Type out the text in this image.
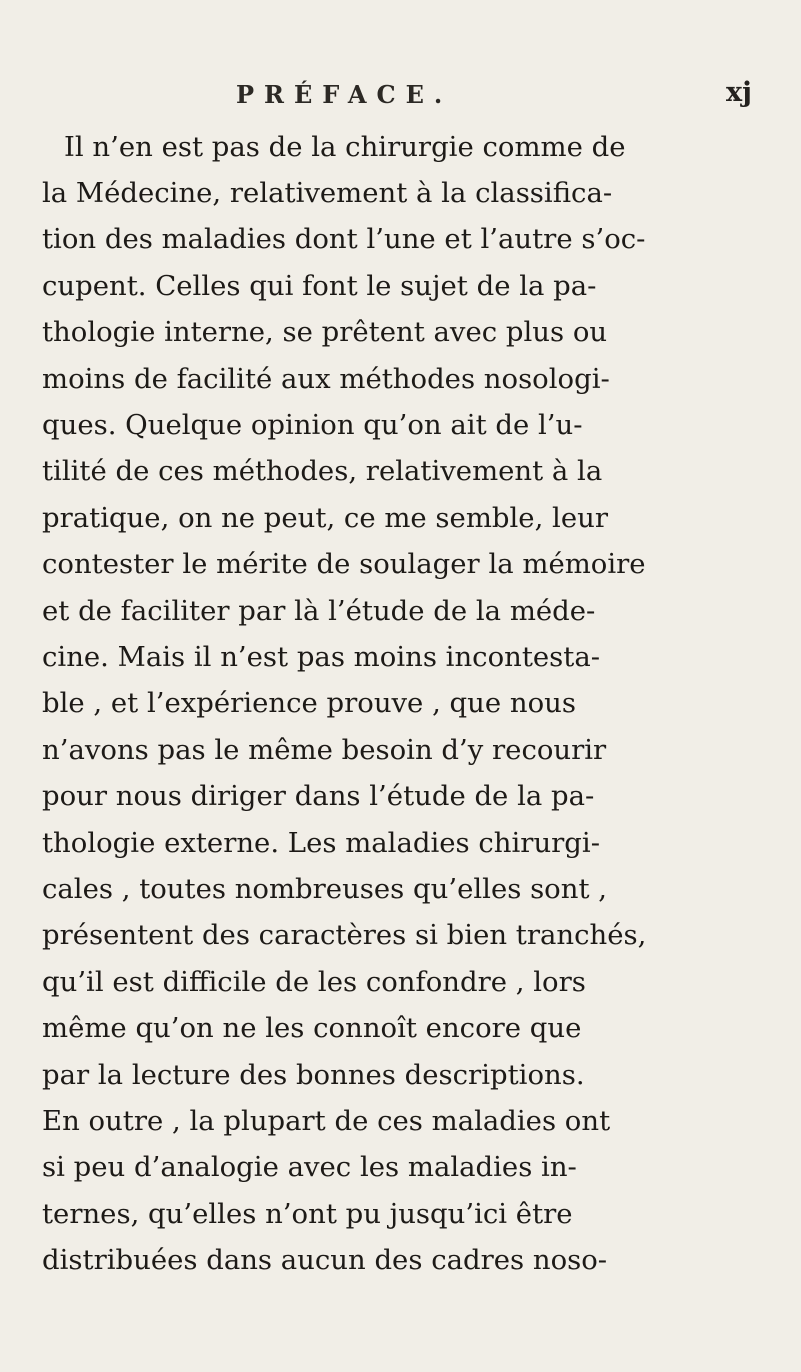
PRÉFACE.	xj
Il n’en est pas de la chirurgie comme de
la Médecine, relativement à la classifica-
tion des maladies dont l’une et l’autre s’oc-
cupent. Celles qui font le sujet de la pa-
thologie interne, se prêtent avec plus ou
moins de facilité aux méthodes nosologi-
ques. Quelque opinion qu’on ait de l’u-
tilité de ces méthodes, relativement à la
pratique, on ne peut, ce me semble, leur
contester le mérite de soulager la mémoire
et de faciliter par là l’étude de la méde-
cine. Mais il n’est pas moins incontesta-
ble , et l’expérience prouve , que nous
n’avons pas le même besoin d’y recourir
pour nous diriger dans l’étude de la pa-
thologie externe. Les maladies chirurgi-
cales , toutes nombreuses qu’elles sont ,
présentent des caractères si bien tranchés,
qu’il est difficile de les confondre , lors
même qu’on ne les connoît encore que
par la lecture des bonnes descriptions.
En outre , la plupart de ces maladies ont
si peu d’analogie avec les maladies in-
ternes, qu’elles n’ont pu jusqu’ici être
distribuées dans aucun des cadres noso-
